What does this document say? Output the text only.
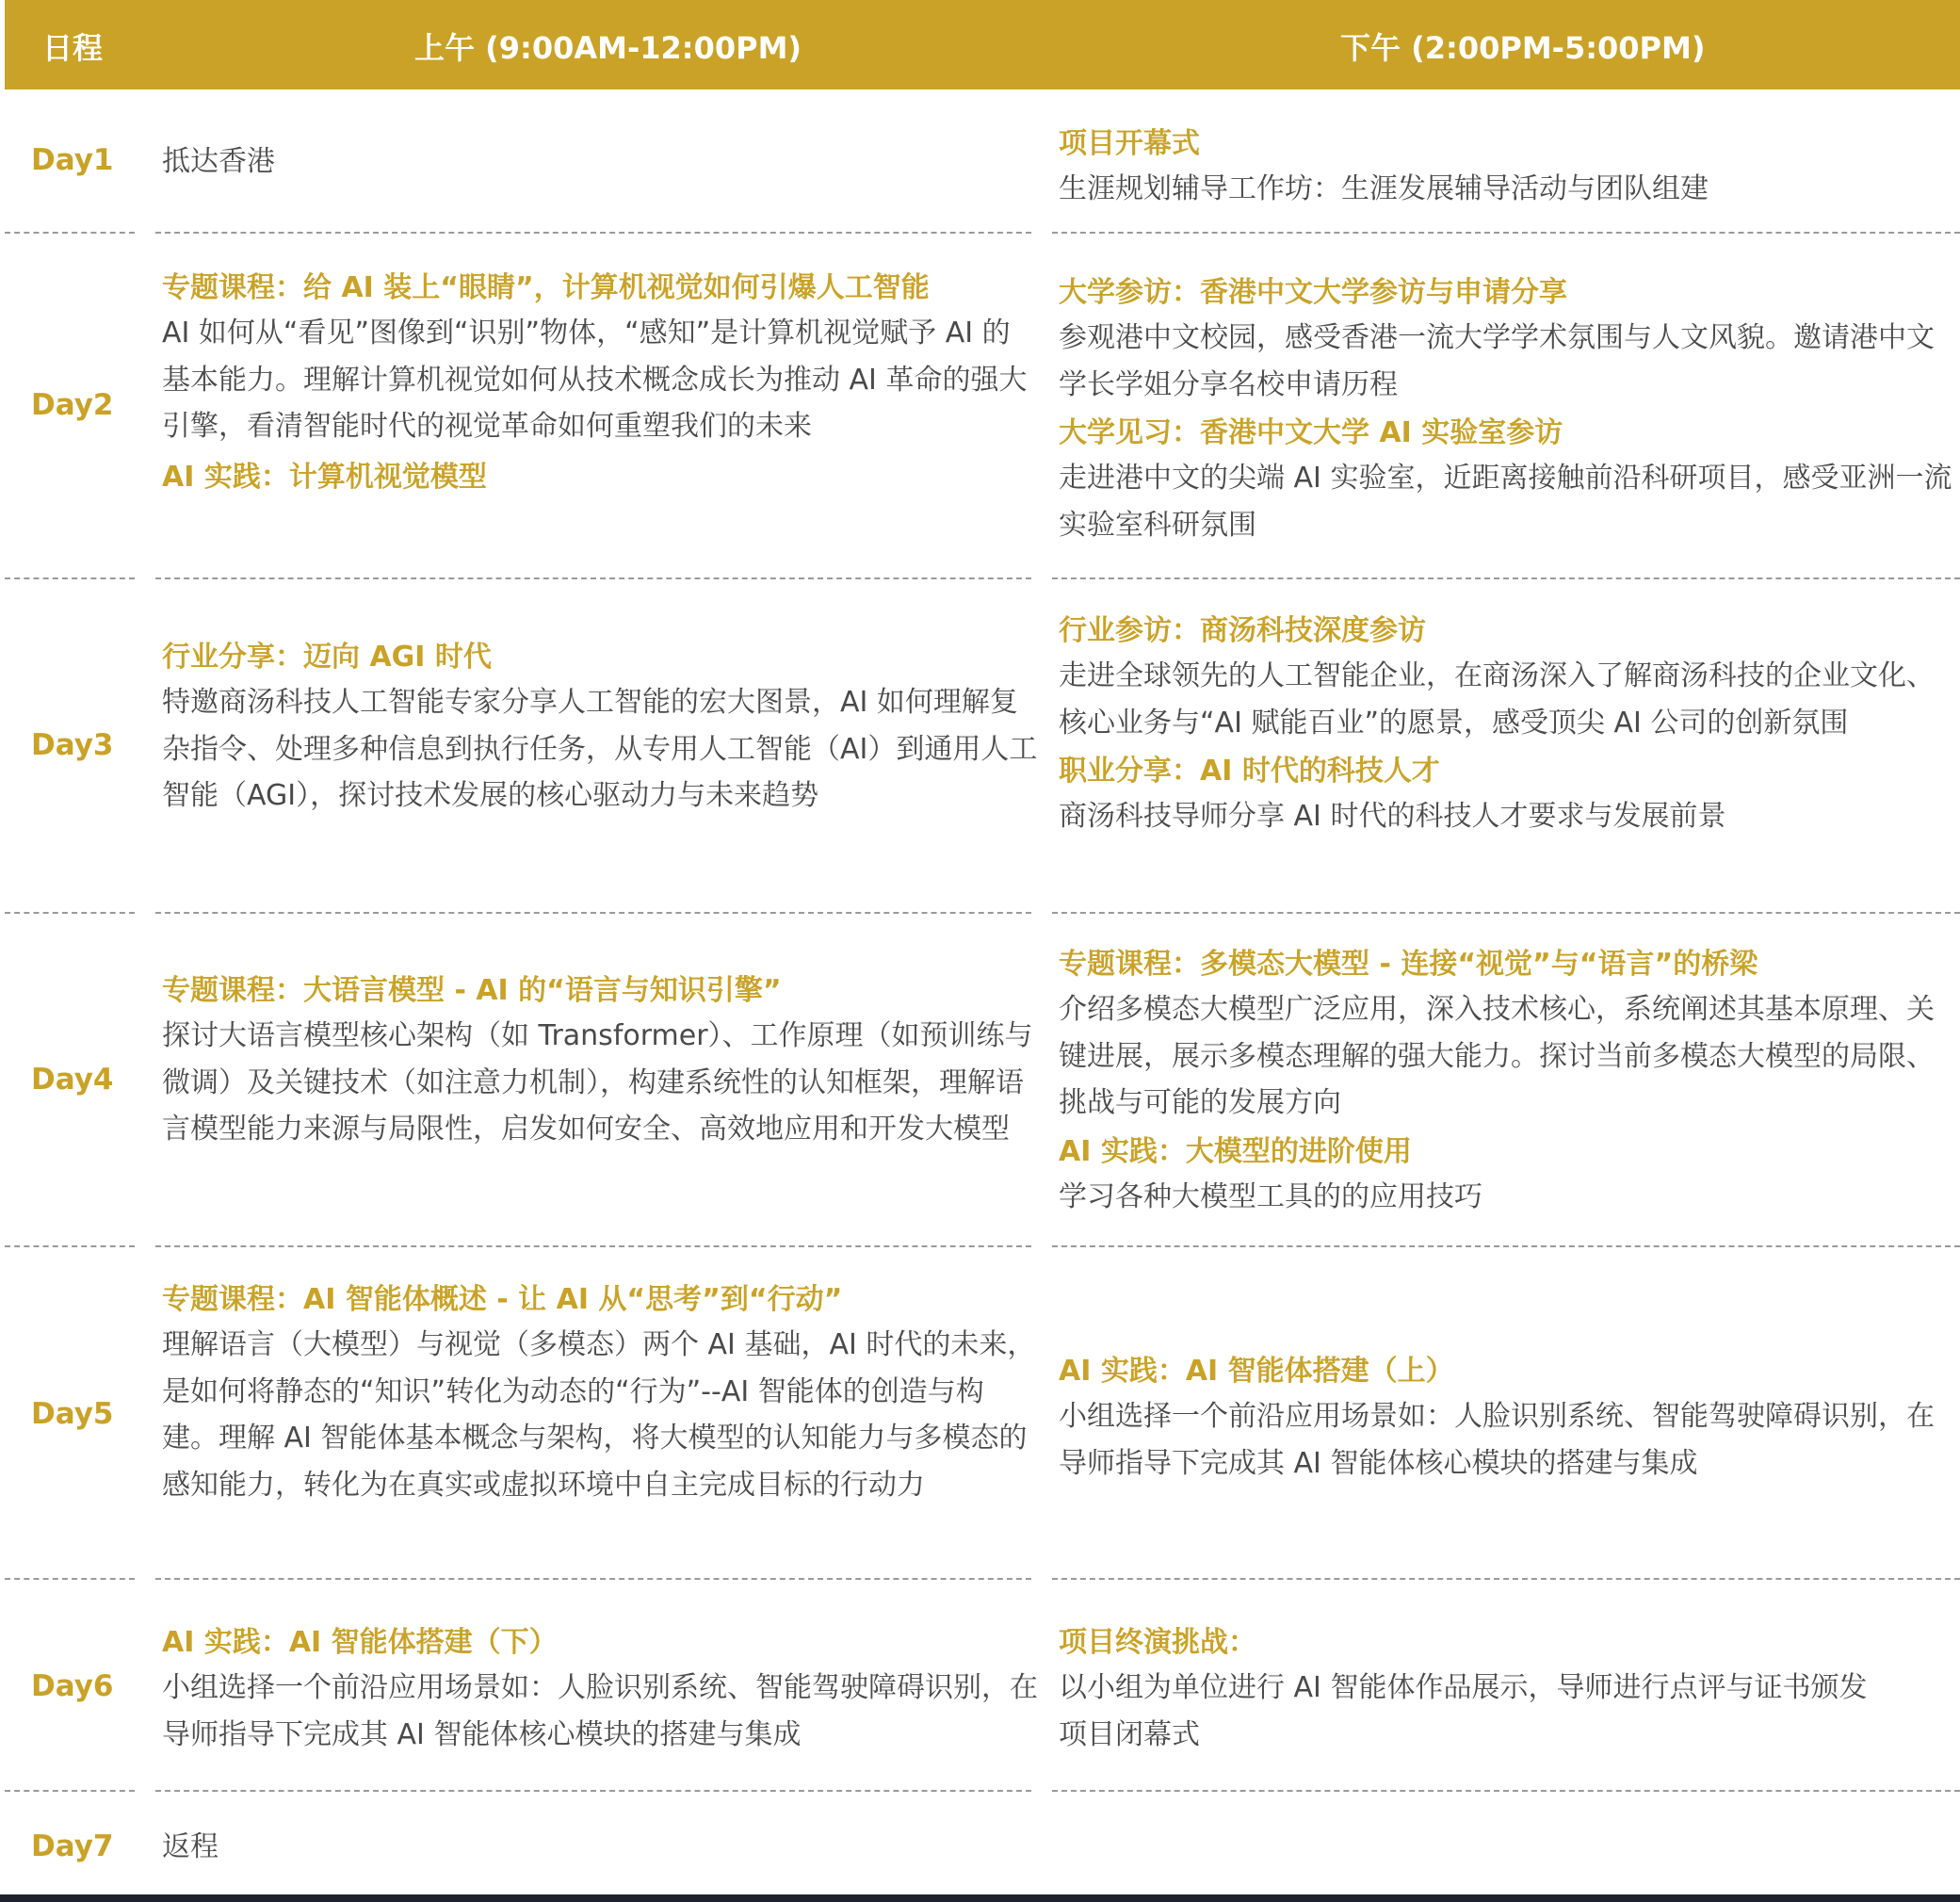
日程	上午 (9:00AM-12:00PM)	下午 (2:00PM-5:00PM)
Day1 抵达香港
项目开幕式
生涯规划辅导工作坊：生涯发展辅导活动与团队组建
Day2
专题课程：给 AI 装上“眼睛”，计算机视觉如何引爆人工智能
AI 如何从“看见”图像到“识别”物体，“感知”是计算机视觉赋予 AI 的基本能力。理解计算机视觉如何从技术概念成长为推动 AI 革命的强大引擎，看清智能时代的视觉革命如何重塑我们的未来
AI 实践：计算机视觉模型
大学参访：香港中文大学参访与申请分享
参观港中文校园，感受香港一流大学学术氛围与人文风貌。邀请港中文学长学姐分享名校申请历程
大学见习：香港中文大学 AI 实验室参访
走进港中文的尖端 AI 实验室，近距离接触前沿科研项目，感受亚洲一流实验室科研氛围
Day3
行业分享：迈向 AGI 时代
特邀商汤科技人工智能专家分享人工智能的宏大图景，AI 如何理解复杂指令、处理多种信息到执行任务，从专用人工智能（AI）到通用人工智能（AGI），探讨技术发展的核心驱动力与未来趋势
行业参访：商汤科技深度参访
走进全球领先的人工智能企业，在商汤深入了解商汤科技的企业文化、核心业务与“AI 赋能百业”的愿景，感受顶尖 AI 公司的创新氛围
职业分享：AI 时代的科技人才
商汤科技导师分享 AI 时代的科技人才要求与发展前景
Day4
专题课程：大语言模型 - AI 的“语言与知识引擎”
探讨大语言模型核心架构（如 Transformer）、工作原理（如预训练与微调）及关键技术（如注意力机制），构建系统性的认知框架，理解语言模型能力来源与局限性，启发如何安全、高效地应用和开发大模型
专题课程：多模态大模型 - 连接“视觉”与“语言”的桥梁
介绍多模态大模型广泛应用，深入技术核心，系统阐述其基本原理、关键进展，展示多模态理解的强大能力。探讨当前多模态大模型的局限、挑战与可能的发展方向
AI 实践：大模型的进阶使用
学习各种大模型工具的的应用技巧
Day5
专题课程：AI 智能体概述 - 让 AI 从“思考”到“行动”
理解语言（大模型）与视觉（多模态）两个 AI 基础，AI 时代的未来，是如何将静态的“知识”转化为动态的“行为”--AI 智能体的创造与构建。理解 AI 智能体基本概念与架构，将大模型的认知能力与多模态的感知能力，转化为在真实或虚拟环境中自主完成目标的行动力
AI 实践：AI 智能体搭建（上）
小组选择一个前沿应用场景如：人脸识别系统、智能驾驶障碍识别，在导师指导下完成其 AI 智能体核心模块的搭建与集成
Day6
AI 实践：AI 智能体搭建（下）
小组选择一个前沿应用场景如：人脸识别系统、智能驾驶障碍识别，在导师指导下完成其 AI 智能体核心模块的搭建与集成
项目终演挑战：
以小组为单位进行 AI 智能体作品展示，导师进行点评与证书颁发
项目闭幕式
Day7 返程
